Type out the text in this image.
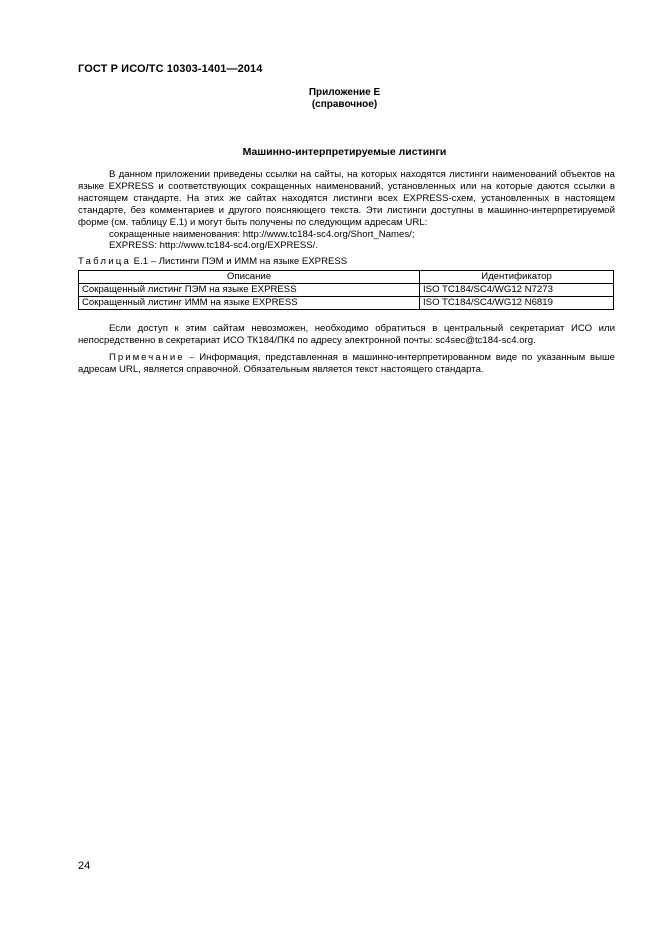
ГОСТ Р ИСО/ТС 10303-1401—2014
Приложение Е
(справочное)
Машинно-интерпретируемые листинги
В данном приложении приведены ссылки на сайты, на которых находятся листинги наименований объектов на языке EXPRESS и соответствующих сокращенных наименований, установленных или на которые даются ссылки в настоящем стандарте. На этих же сайтах находятся листинги всех EXPRESS-схем, установленных в настоящем стандарте, без комментариев и другого поясняющего текста. Эти листинги доступны в машинно-интерпретируемой форме (см. таблицу Е.1) и могут быть получены по следующим адресам URL:
сокращенные наименования: http://www.tc184-sc4.org/Short_Names/;
EXPRESS: http://www.tc184-sc4.org/EXPRESS/.
Таблица Е.1 – Листинги ПЭМ и ИММ на языке EXPRESS
Описание	Идентификатор
Сокращенный листинг ПЭМ на языке EXPRESS	ISO TC184/SC4/WG12 N7273
Сокращенный листинг ИММ на языке EXPRESS	ISO TC184/SC4/WG12 N6819
Если доступ к этим сайтам невозможен, необходимо обратиться в центральный секретариат ИСО или непосредственно в секретариат ИСО ТК184/ПК4 по адресу электронной почты: sc4sec@tc184-sc4.org.
Примечание – Информация, представленная в машинно-интерпретированном виде по указанным выше адресам URL, является справочной. Обязательным является текст настоящего стандарта.
24
